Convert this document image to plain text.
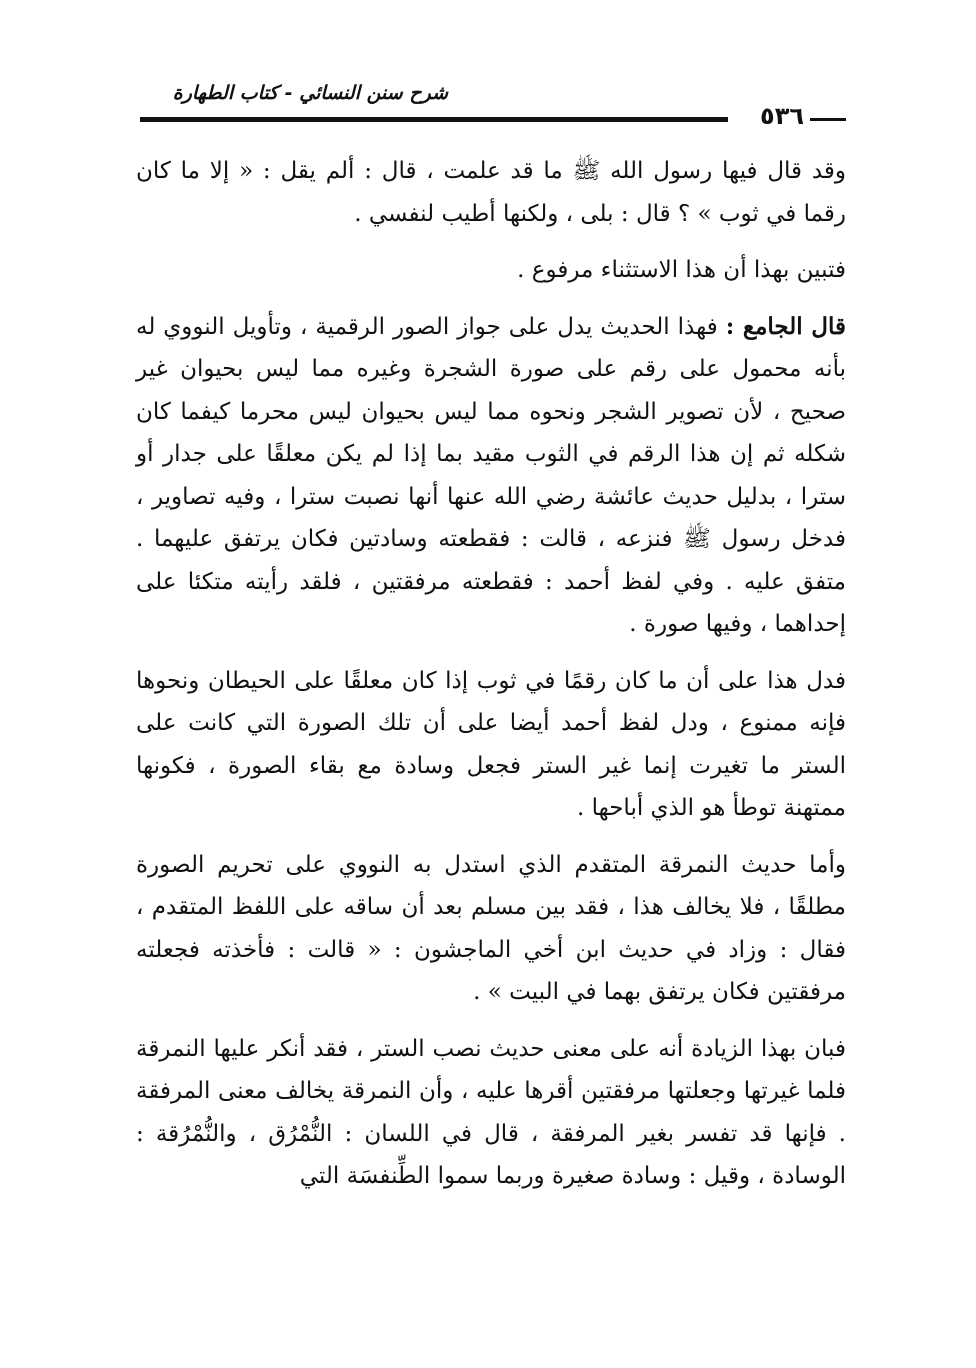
شرح سنن النسائي - كتاب الطهارة
٥٣٦

وقد قال فيها رسول الله ﷺ ما قد علمت ، قال : ألم يقل : « إلا ما كان رقما في ثوب » ؟ قال : بلى ، ولكنها أطيب لنفسي .

فتبين بهذا أن هذا الاستثناء مرفوع .

قال الجامع : فهذا الحديث يدل على جواز الصور الرقمية ، وتأويل النووي له بأنه محمول على رقم على صورة الشجرة وغيره مما ليس بحيوان غير صحيح ، لأن تصوير الشجر ونحوه مما ليس بحيوان ليس محرما كيفما كان شكله ثم إن هذا الرقم في الثوب مقيد بما إذا لم يكن معلقًا على جدار أو سترا ، بدليل حديث عائشة رضي الله عنها أنها نصبت سترا ، وفيه تصاوير ، فدخل رسول ﷺ فنزعه ، قالت : فقطعته وسادتين فكان يرتفق عليهما . متفق عليه . وفي لفظ أحمد : فقطعته مرفقتين ، فلقد رأيته متكئا على إحداهما ، وفيها صورة .

فدل هذا على أن ما كان رقمًا في ثوب إذا كان معلقًا على الحيطان ونحوها فإنه ممنوع ، ودل لفظ أحمد أيضا على أن تلك الصورة التي كانت على الستر ما تغيرت إنما غير الستر فجعل وسادة مع بقاء الصورة ، فكونها ممتهنة توطأ هو الذي أباحها .

وأما حديث النمرقة المتقدم الذي استدل به النووي على تحريم الصورة مطلقًا ، فلا يخالف هذا ، فقد بين مسلم بعد أن ساقه على اللفظ المتقدم ، فقال : وزاد في حديث ابن أخي الماجشون : « قالت : فأخذته فجعلته مرفقتين فكان يرتفق بهما في البيت » .

فبان بهذا الزيادة أنه على معنى حديث نصب الستر ، فقد أنكر عليها النمرقة فلما غيرتها وجعلتها مرفقتين أقرها عليه ، وأن النمرقة يخالف معنى المرفقة . فإنها قد تفسر بغير المرفقة ، قال في اللسان : النُّمْرُق ، والنُّمْرُقة : الوسادة ، وقيل : وسادة صغيرة وربما سموا الطِّنفسَة التي
